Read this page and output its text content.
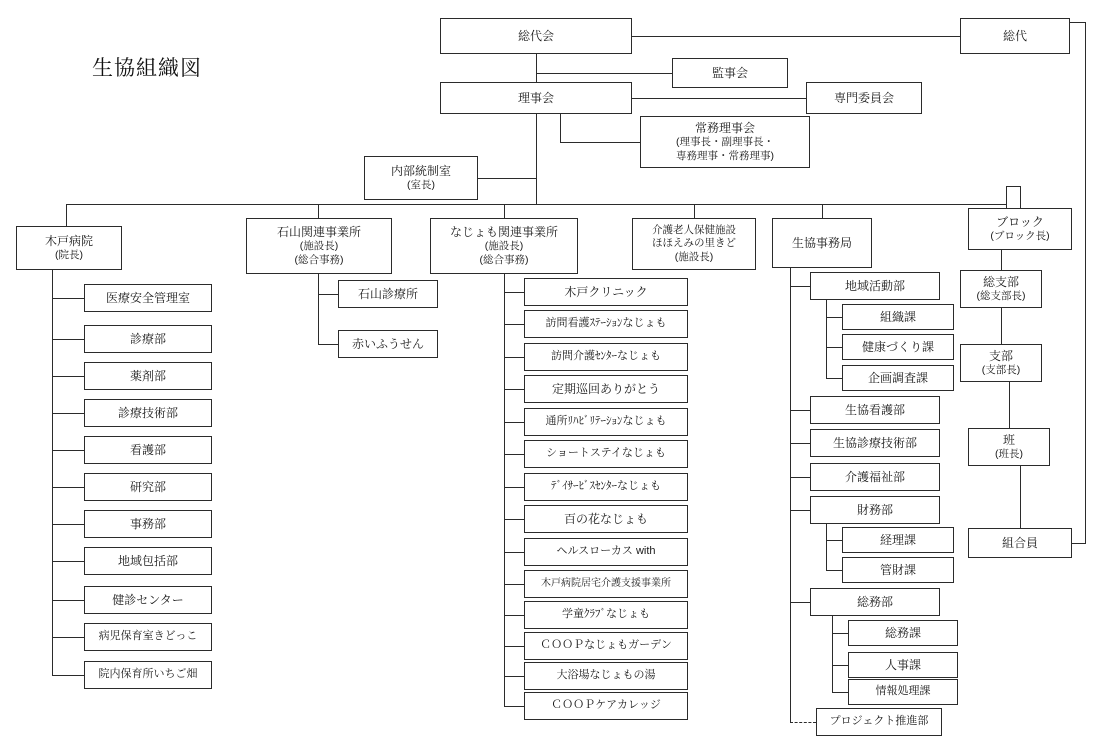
生協組織図
総代会	総代
監事会
理事会	専門委員会
常務理事会
(理事長・副理事長・
専務理事・常務理事)
内部統制室
(室長)
木戸病院
(院長)
石山関連事業所
(施設長)
(総合事務)
なじょも関連事業所
(施設長)
(総合事務)
介護老人保健施設
ほほえみの里きど
(施設長)
生協事務局
ブロック
(ブロック長)
石山診療所
赤いふうせん
医療安全管理室
診療部
薬剤部
診療技術部
看護部
研究部
事務部
地域包括部
健診センター
病児保育室きどっこ
院内保育所いちご畑
木戸クリニック
訪問看護ｽﾃｰｼｮﾝなじょも
訪問介護ｾﾝﾀｰなじょも
定期巡回ありがとう
通所ﾘﾊﾋﾞﾘﾃｰｼｮﾝなじょも
ショートステイなじょも
ﾃﾞｲｻｰﾋﾞｽｾﾝﾀｰなじょも
百の花なじょも
ヘルスローカス with
木戸病院居宅介護支援事業所
学童ｸﾗﾌﾞなじょも
ＣＯＯＰなじょもガーデン
大浴場なじょもの湯
ＣＯＯＰケアカレッジ
地域活動部
組織課
健康づくり課
企画調査課
生協看護部
生協診療技術部
介護福祉部
財務部
経理課
管財課
総務部
総務課
人事課
情報処理課
プロジェクト推進部
総支部
(総支部長)
支部
(支部長)
班
(班長)
組合員
